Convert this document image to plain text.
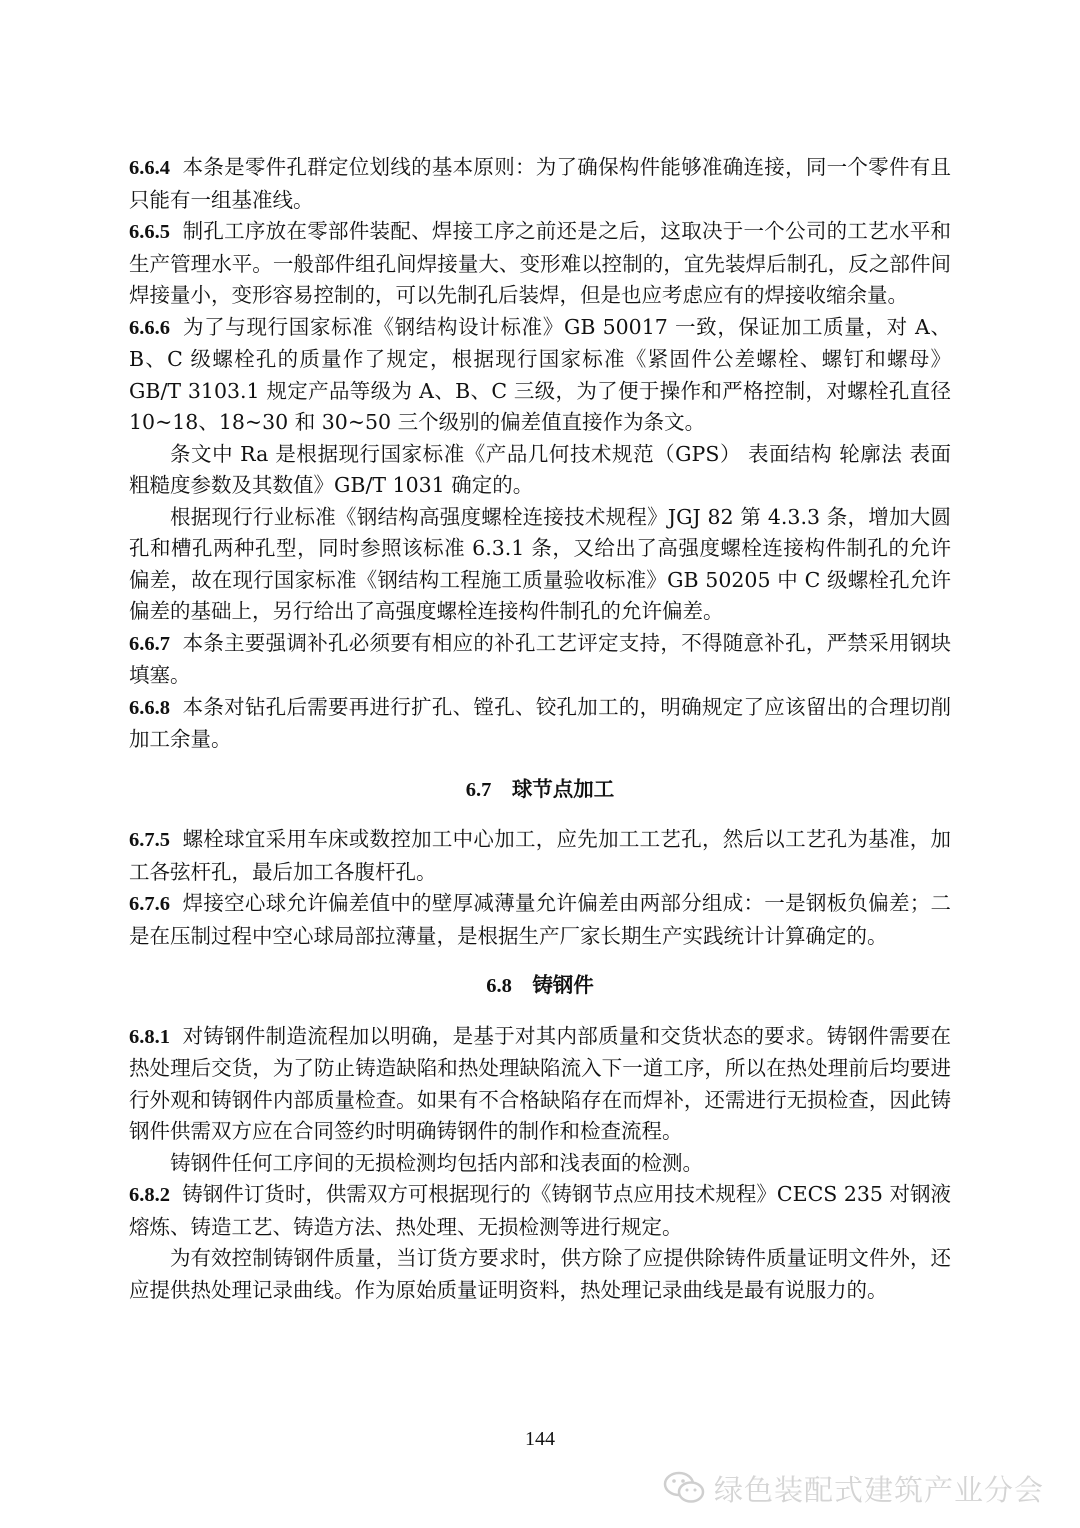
6.6.4 本条是零件孔群定位划线的基本原则：为了确保构件能够准确连接，同一个零件有且只能有一组基准线。

6.6.5 制孔工序放在零部件装配、焊接工序之前还是之后，这取决于一个公司的工艺水平和生产管理水平。一般部件组孔间焊接量大、变形难以控制的，宜先装焊后制孔，反之部件间焊接量小，变形容易控制的，可以先制孔后装焊，但是也应考虑应有的焊接收缩余量。

6.6.6 为了与现行国家标准《钢结构设计标准》GB 50017 一致，保证加工质量，对 A、B、C 级螺栓孔的质量作了规定，根据现行国家标准《紧固件公差螺栓、螺钉和螺母》GB/T 3103.1 规定产品等级为 A、B、C 三级，为了便于操作和严格控制，对螺栓孔直径 10~18、18~30 和 30~50 三个级别的偏差值直接作为条文。

条文中 Ra 是根据现行国家标准《产品几何技术规范（GPS） 表面结构 轮廓法 表面粗糙度参数及其数值》GB/T 1031 确定的。

根据现行行业标准《钢结构高强度螺栓连接技术规程》JGJ 82 第 4.3.3 条，增加大圆孔和槽孔两种孔型，同时参照该标准 6.3.1 条，又给出了高强度螺栓连接构件制孔的允许偏差，故在现行国家标准《钢结构工程施工质量验收标准》GB 50205 中 C 级螺栓孔允许偏差的基础上，另行给出了高强度螺栓连接构件制孔的允许偏差。

6.6.7 本条主要强调补孔必须要有相应的补孔工艺评定支持，不得随意补孔，严禁采用钢块填塞。

6.6.8 本条对钻孔后需要再进行扩孔、镗孔、铰孔加工的，明确规定了应该留出的合理切削加工余量。

6.7 球节点加工

6.7.5 螺栓球宜采用车床或数控加工中心加工，应先加工工艺孔，然后以工艺孔为基准，加工各弦杆孔，最后加工各腹杆孔。

6.7.6 焊接空心球允许偏差值中的壁厚减薄量允许偏差由两部分组成：一是钢板负偏差；二是在压制过程中空心球局部拉薄量，是根据生产厂家长期生产实践统计计算确定的。

6.8 铸钢件

6.8.1 对铸钢件制造流程加以明确，是基于对其内部质量和交货状态的要求。铸钢件需要在热处理后交货，为了防止铸造缺陷和热处理缺陷流入下一道工序，所以在热处理前后均要进行外观和铸钢件内部质量检查。如果有不合格缺陷存在而焊补，还需进行无损检查，因此铸钢件供需双方应在合同签约时明确铸钢件的制作和检查流程。

铸钢件任何工序间的无损检测均包括内部和浅表面的检测。

6.8.2 铸钢件订货时，供需双方可根据现行的《铸钢节点应用技术规程》CECS 235 对钢液熔炼、铸造工艺、铸造方法、热处理、无损检测等进行规定。

为有效控制铸钢件质量，当订货方要求时，供方除了应提供除铸件质量证明文件外，还应提供热处理记录曲线。作为原始质量证明资料，热处理记录曲线是最有说服力的。

144
绿色装配式建筑产业分会
